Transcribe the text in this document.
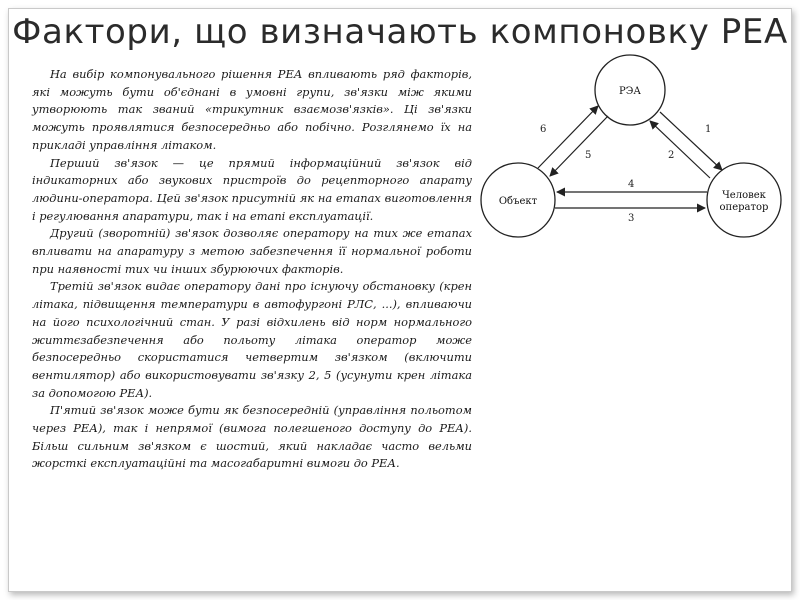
Фактори, що визначають компоновку РЕА

На вибір компонувального рішення РЕА впливають ряд факторів, які можуть бути об'єднані в умовні групи, зв'язки між якими утворюють так званий «трикутник взаємозв'язків». Ці зв'язки можуть проявлятися безпосередньо або побічно. Розглянемо їх на прикладі управління літаком.

Перший зв'язок — це прямий інформаційний зв'язок від індикаторних або звукових пристроїв до рецепторного апарату людини-оператора. Цей зв'язок присутній як на етапах виготовлення і регулювання апаратури, так і на етапі експлуатації.

Другий (зворотній) зв'язок дозволяє оператору на тих же етапах впливати на апаратуру з метою забезпечення її нормальної роботи при наявності тих чи інших збурюючих факторів.

Третій зв'язок видає оператору дані про існуючу обстановку (крен літака, підвищення температури в автофургоні РЛС, ...), впливаючи на його психологічний стан. У разі відхилень від норм нормального життєзабезпечення або польоту літака оператор може безпосередньо скористатися четвертим зв'язком (включити вентилятор) або використовувати зв'язку 2, 5 (усунути крен літака за допомогою РЕА).

П'ятий зв'язок може бути як безпосередній (управління польотом через РЕА), так і непрямої (вимога полегшеного доступу до РЕА). Більш сильним зв'язком є шостий, який накладає часто вельми жорсткі експлуатаційні та масогабаритні вимоги до РЕА.

РЭА
Объект
Человек
оператор
1
2
3
4
5
6
